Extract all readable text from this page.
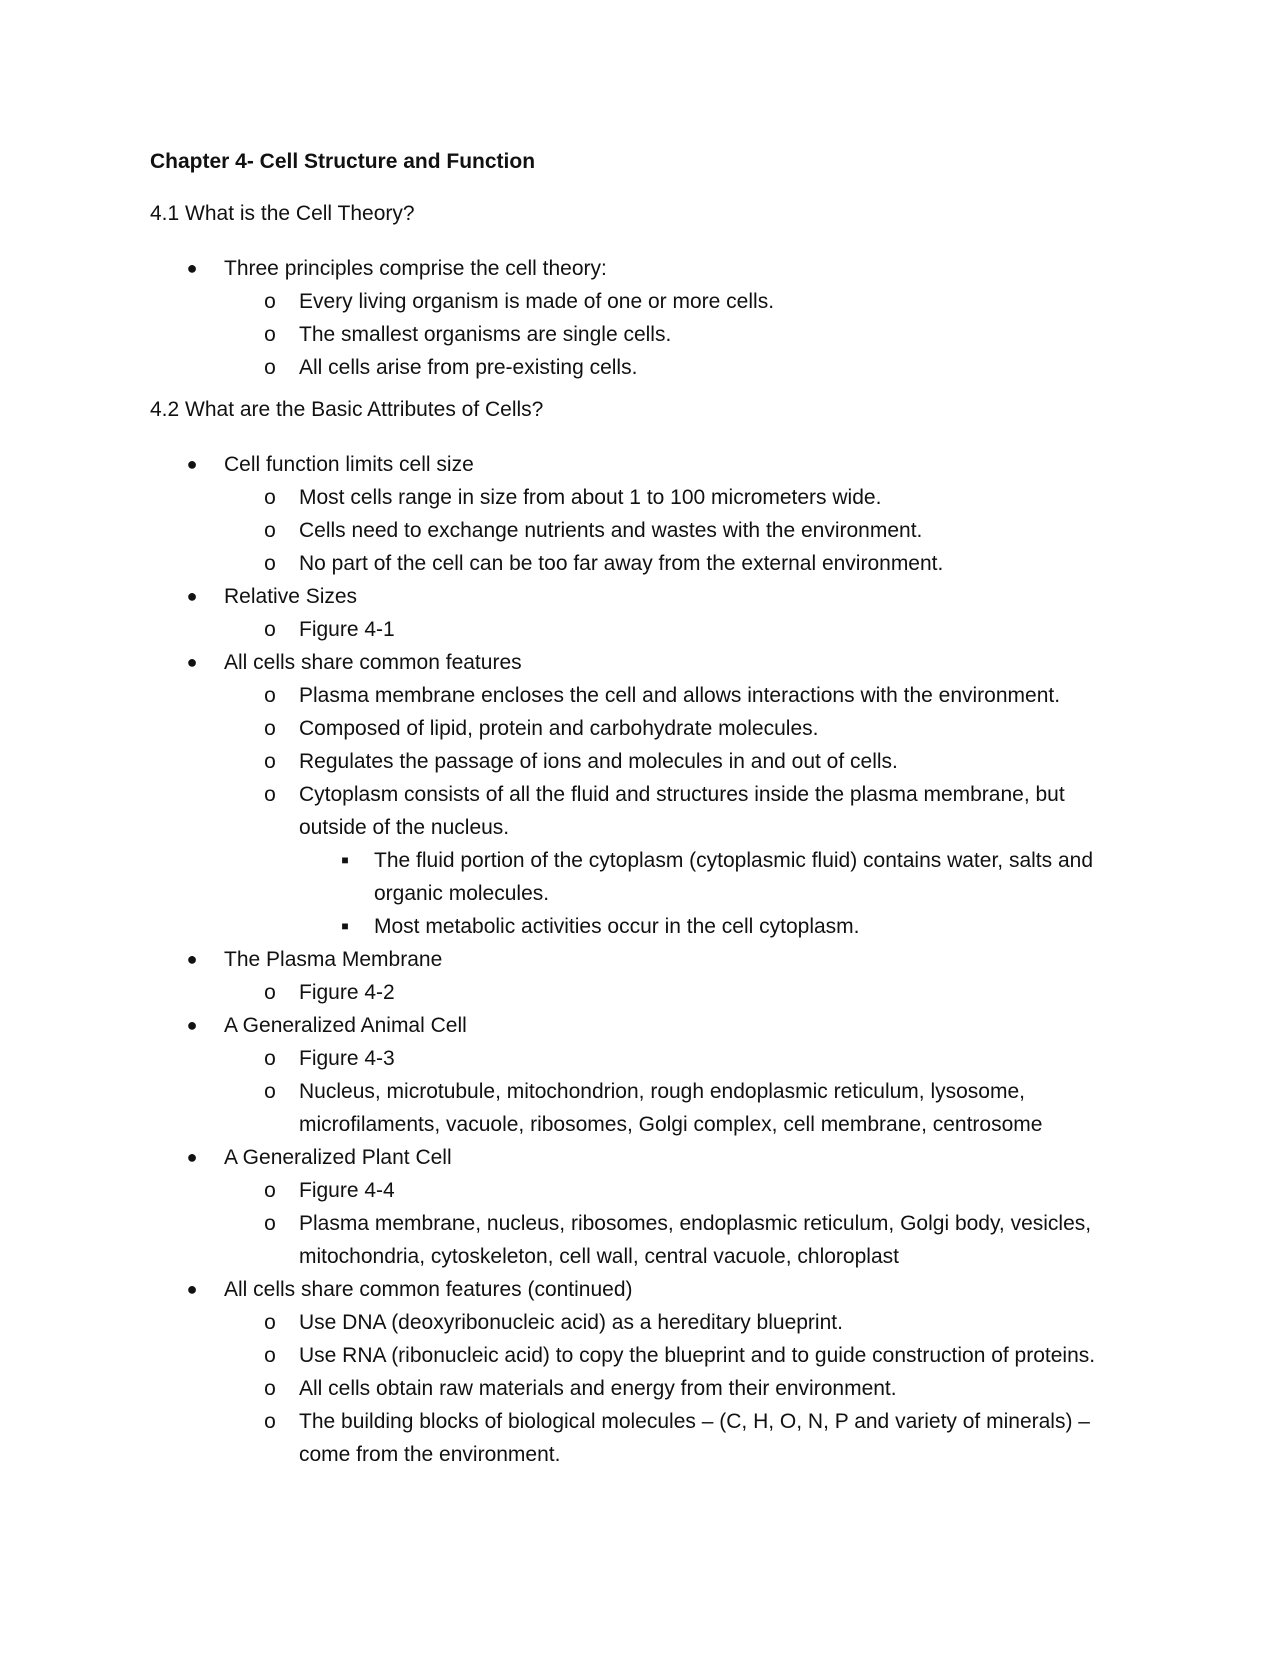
Chapter 4- Cell Structure and Function
4.1 What is the Cell Theory?
●	Three principles comprise the cell theory:
o Every living organism is made of one or more cells.
o The smallest organisms are single cells.
o All cells arise from pre-existing cells.
4.2 What are the Basic Attributes of Cells?
●	Cell function limits cell size
o Most cells range in size from about 1 to 100 micrometers wide.
o Cells need to exchange nutrients and wastes with the environment.
o No part of the cell can be too far away from the external environment.
●	Relative Sizes
o Figure 4-1
●	All cells share common features
o Plasma membrane encloses the cell and allows interactions with the environment.
o Composed of lipid, protein and carbohydrate molecules.
o Regulates the passage of ions and molecules in and out of cells.
o Cytoplasm consists of all the fluid and structures inside the plasma membrane, but
outside of the nucleus.
■	The fluid portion of the cytoplasm (cytoplasmic fluid) contains water, salts and
organic molecules.
■	Most metabolic activities occur in the cell cytoplasm.
●	The Plasma Membrane
o Figure 4-2
●	A Generalized Animal Cell
o Figure 4-3
o Nucleus, microtubule, mitochondrion, rough endoplasmic reticulum, lysosome,
microfilaments, vacuole, ribosomes, Golgi complex, cell membrane, centrosome
●	A Generalized Plant Cell
o Figure 4-4
o Plasma membrane, nucleus, ribosomes, endoplasmic reticulum, Golgi body, vesicles,
mitochondria, cytoskeleton, cell wall, central vacuole, chloroplast
●	All cells share common features (continued)
o Use DNA (deoxyribonucleic acid) as a hereditary blueprint.
o Use RNA (ribonucleic acid) to copy the blueprint and to guide construction of proteins.
o All cells obtain raw materials and energy from their environment.
o The building blocks of biological molecules – (C, H, O, N, P and variety of minerals) –
come from the environment.
